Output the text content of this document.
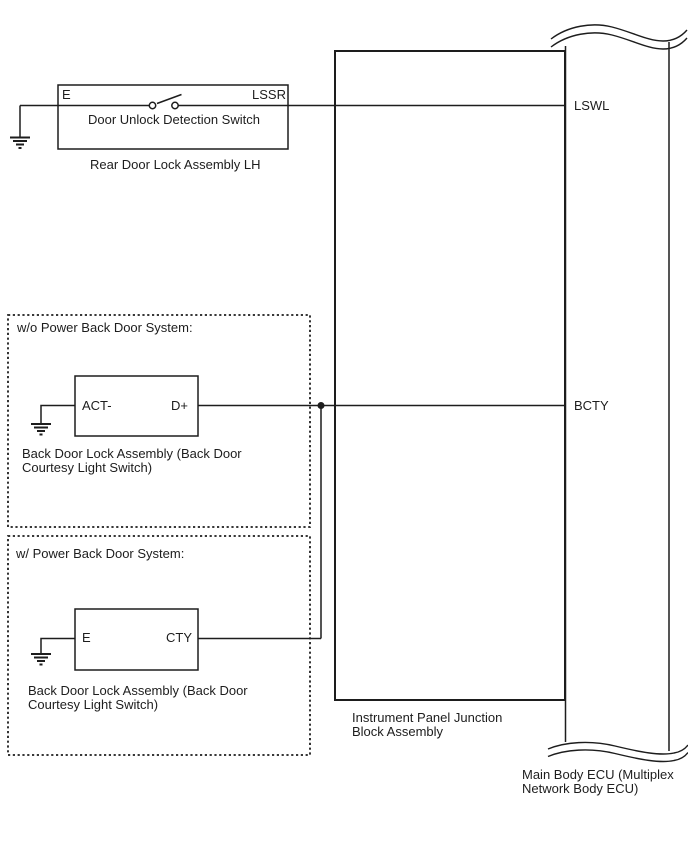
E	LSSR
Door Unlock Detection Switch
Rear Door Lock Assembly LH
w/o Power Back Door System:
ACT-	D+
Back Door Lock Assembly (Back Door
Courtesy Light Switch)
w/ Power Back Door System:
E	CTY
Back Door Lock Assembly (Back Door
Courtesy Light Switch)
Instrument Panel Junction
Block Assembly
LSWL
BCTY
Main Body ECU (Multiplex
Network Body ECU)
